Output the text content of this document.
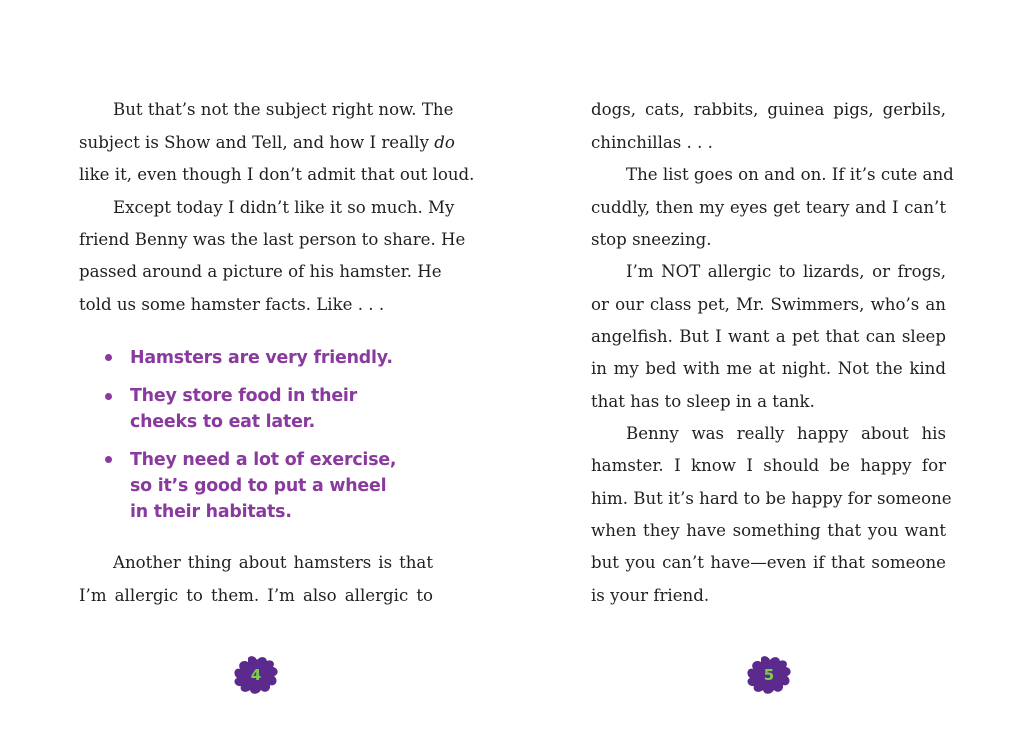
But that’s not the subject right now. The

subject is Show and Tell, and how I really do

like it, even though I don’t admit that out loud.

Except today I didn’t like it so much. My

friend Benny was the last person to share. He

passed around a picture of his hamster. He

told us some hamster facts. Like . . .

Hamsters are very friendly.
They store food in their
cheeks to eat later.
They need a lot of exercise,
so it’s good to put a wheel
in their habitats.

Another thing about hamsters is that

I’m allergic to them. I’m also allergic to

4

dogs, cats, rabbits, guinea pigs, gerbils,

chinchillas . . .

The list goes on and on. If it’s cute and

cuddly, then my eyes get teary and I can’t

stop sneezing.

I’m NOT allergic to lizards, or frogs,

or our class pet, Mr. Swimmers, who’s an

angelfish. But I want a pet that can sleep

in my bed with me at night. Not the kind

that has to sleep in a tank.

Benny was really happy about his

hamster. I know I should be happy for

him. But it’s hard to be happy for someone

when they have something that you want

but you can’t have—even if that someone

is your friend.

5
